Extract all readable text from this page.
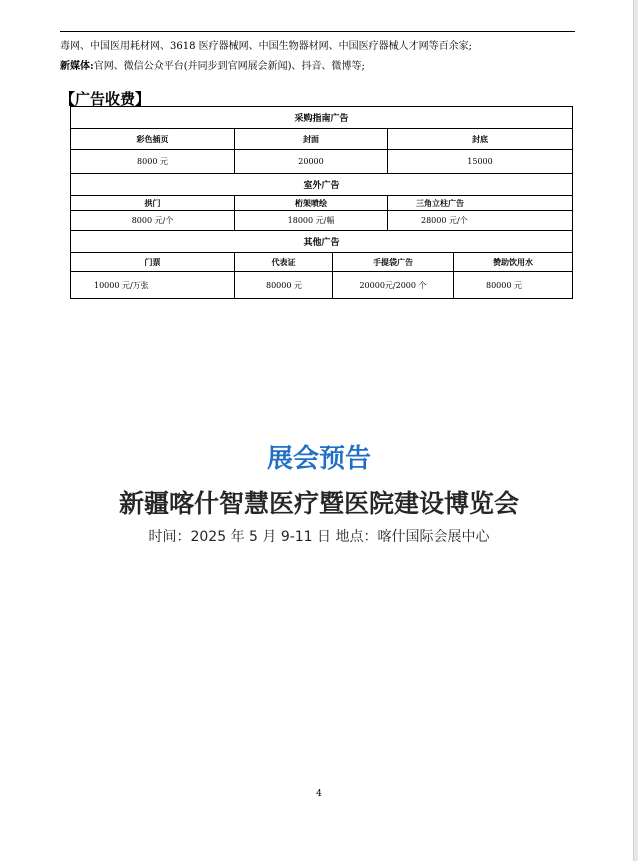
毒网、中国医用耗材网、3618 医疗器械网、中国生物器材网、中国医疗器械人才网等百余家;
新媒体:官网、微信公众平台(并同步到官网展会新闻)、抖音、微博等;
【广告收费】
采购指南广告				
彩色插页	封面		封底	
8000 元	20000		15000	
室外广告				
拱门	桁架喷绘		三角立柱广告	
8000 元/个	18000 元/幅		28000 元/个	
其他广告				
门票	代表证	手提袋广告		赞助饮用水
10000 元/万张	80000 元	20000元/2000 个		80000 元
展会预告
新疆喀什智慧医疗暨医院建设博览会
时间：2025 年 5 月 9-11 日 地点：喀什国际会展中心
4
